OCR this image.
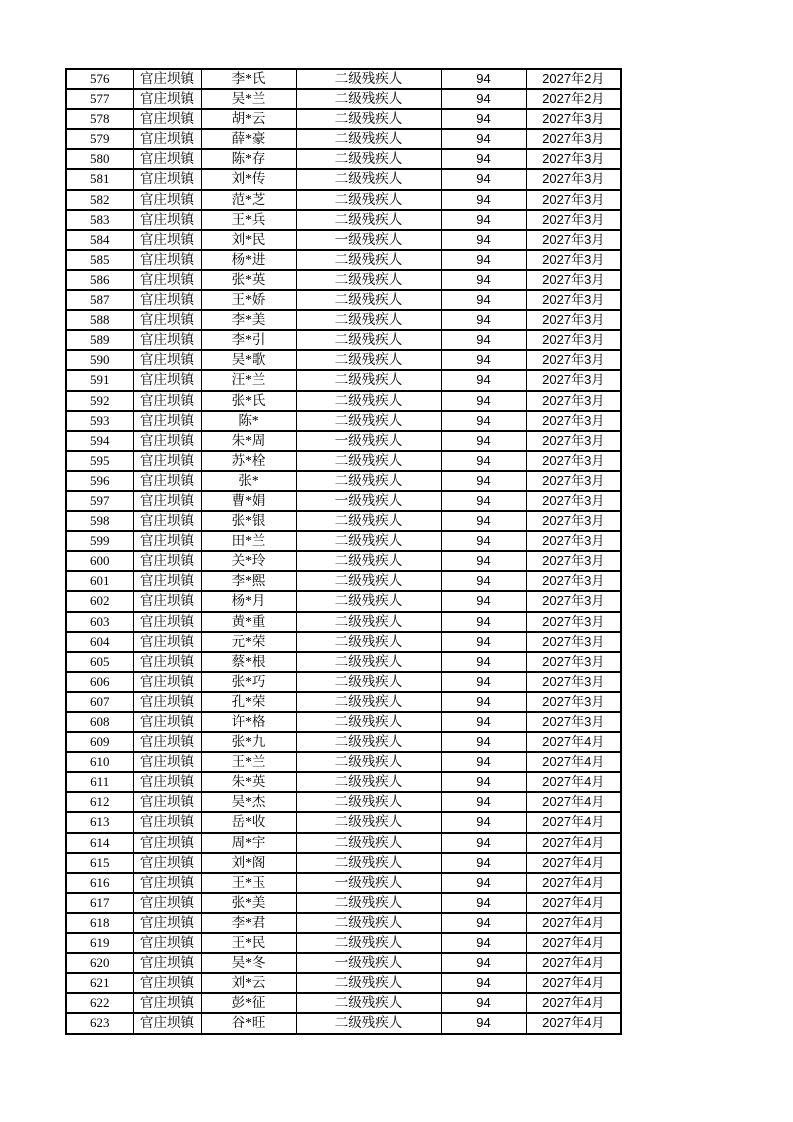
576	官庄坝镇	李*氏	二级残疾人	94	2027年2月
577	官庄坝镇	吴*兰	二级残疾人	94	2027年2月
578	官庄坝镇	胡*云	二级残疾人	94	2027年3月
579	官庄坝镇	薛*豪	二级残疾人	94	2027年3月
580	官庄坝镇	陈*存	二级残疾人	94	2027年3月
581	官庄坝镇	刘*传	二级残疾人	94	2027年3月
582	官庄坝镇	范*芝	二级残疾人	94	2027年3月
583	官庄坝镇	王*兵	二级残疾人	94	2027年3月
584	官庄坝镇	刘*民	一级残疾人	94	2027年3月
585	官庄坝镇	杨*进	二级残疾人	94	2027年3月
586	官庄坝镇	张*英	二级残疾人	94	2027年3月
587	官庄坝镇	王*娇	二级残疾人	94	2027年3月
588	官庄坝镇	李*美	二级残疾人	94	2027年3月
589	官庄坝镇	李*引	二级残疾人	94	2027年3月
590	官庄坝镇	吴*歌	二级残疾人	94	2027年3月
591	官庄坝镇	汪*兰	二级残疾人	94	2027年3月
592	官庄坝镇	张*氏	二级残疾人	94	2027年3月
593	官庄坝镇	陈*	二级残疾人	94	2027年3月
594	官庄坝镇	朱*周	一级残疾人	94	2027年3月
595	官庄坝镇	苏*栓	二级残疾人	94	2027年3月
596	官庄坝镇	张*	二级残疾人	94	2027年3月
597	官庄坝镇	曹*娟	一级残疾人	94	2027年3月
598	官庄坝镇	张*银	二级残疾人	94	2027年3月
599	官庄坝镇	田*兰	二级残疾人	94	2027年3月
600	官庄坝镇	关*玲	二级残疾人	94	2027年3月
601	官庄坝镇	李*熙	二级残疾人	94	2027年3月
602	官庄坝镇	杨*月	二级残疾人	94	2027年3月
603	官庄坝镇	黄*重	二级残疾人	94	2027年3月
604	官庄坝镇	元*荣	二级残疾人	94	2027年3月
605	官庄坝镇	蔡*根	二级残疾人	94	2027年3月
606	官庄坝镇	张*巧	二级残疾人	94	2027年3月
607	官庄坝镇	孔*荣	二级残疾人	94	2027年3月
608	官庄坝镇	许*格	二级残疾人	94	2027年3月
609	官庄坝镇	张*九	二级残疾人	94	2027年4月
610	官庄坝镇	王*兰	二级残疾人	94	2027年4月
611	官庄坝镇	朱*英	二级残疾人	94	2027年4月
612	官庄坝镇	吴*杰	二级残疾人	94	2027年4月
613	官庄坝镇	岳*收	二级残疾人	94	2027年4月
614	官庄坝镇	周*宇	二级残疾人	94	2027年4月
615	官庄坝镇	刘*阁	二级残疾人	94	2027年4月
616	官庄坝镇	王*玉	一级残疾人	94	2027年4月
617	官庄坝镇	张*美	二级残疾人	94	2027年4月
618	官庄坝镇	李*君	二级残疾人	94	2027年4月
619	官庄坝镇	王*民	二级残疾人	94	2027年4月
620	官庄坝镇	吴*冬	一级残疾人	94	2027年4月
621	官庄坝镇	刘*云	二级残疾人	94	2027年4月
622	官庄坝镇	彭*征	二级残疾人	94	2027年4月
623	官庄坝镇	谷*旺	二级残疾人	94	2027年4月
